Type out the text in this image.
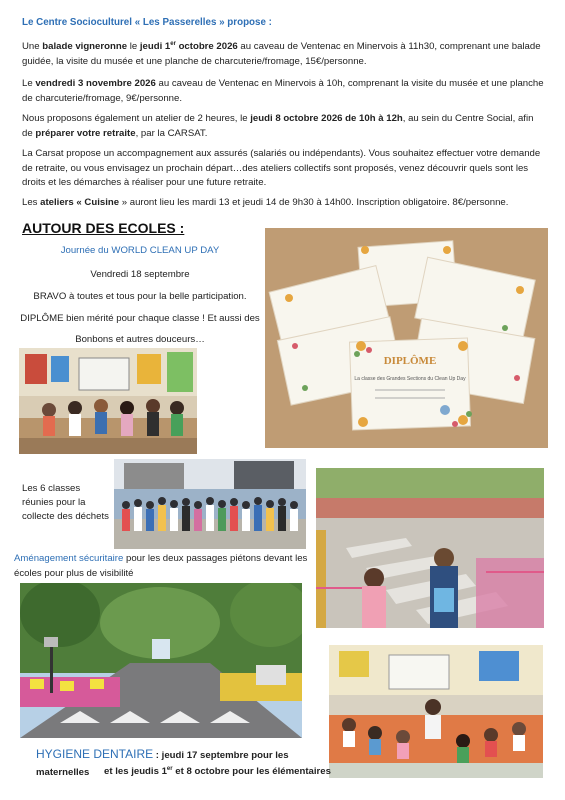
Le Centre Socioculturel « Les Passerelles » propose :

Une balade vigneronne le jeudi 1er octobre 2026 au caveau de Ventenac en Minervois à 11h30, comprenant une balade guidée, la visite du musée et une planche de charcuterie/fromage, 15€/personne.

Le vendredi 3 novembre 2026 au caveau de Ventenac en Minervois à 10h, comprenant la visite du musée et une planche de charcuterie/fromage, 9€/personne.

Nous proposons également un atelier de 2 heures, le jeudi 8 octobre 2026 de 10h à 12h, au sein du Centre Social, afin de préparer votre retraite, par la CARSAT.

La Carsat propose un accompagnement aux assurés (salariés ou indépendants). Vous souhaitez effectuer votre demande de retraite, ou vous envisagez un prochain départ…des ateliers collectifs sont proposés, venez découvrir quels sont les droits et les démarches à réaliser pour une future retraite.

Les ateliers « Cuisine » auront lieu les mardi 13 et jeudi 14 de 9h30 à 14h00. Inscription obligatoire. 8€/personne.

AUTOUR DES ECOLES :
Journée du WORLD CLEAN UP DAY
Vendredi 18 septembre
BRAVO à toutes et tous pour la belle participation.
DIPLÔME bien mérité pour chaque classe ! Et aussi des
Bonbons et autres douceurs…
DIPLÔME
La classe des Grandes Sections du Clean Up Day
Les 6 classes réunies pour la collecte des déchets
Aménagement sécuritaire pour les deux passages piétons devant les écoles pour plus de visibilité
HYGIENE DENTAIRE : jeudi 17 septembre pour les maternelles	et les jeudis 1er et 8 octobre pour les élémentaires
